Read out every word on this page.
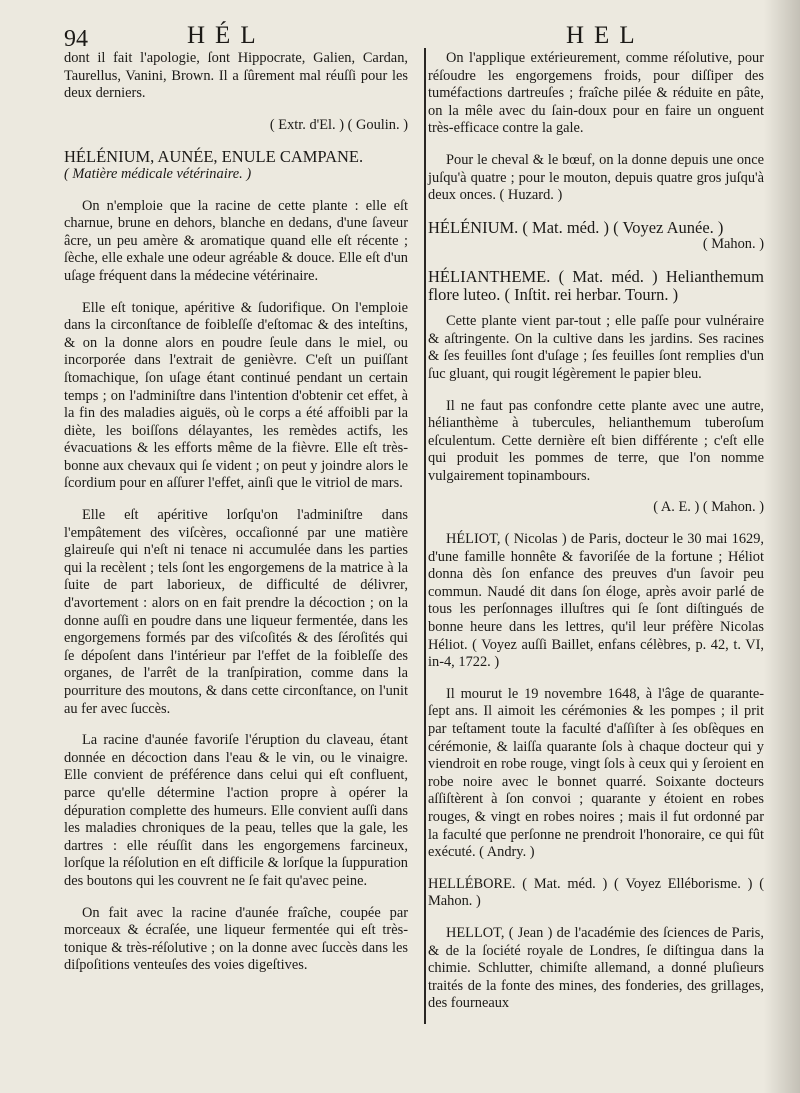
94	HÉL	HEL

dont il fait l'apologie, ſont Hippocrate, Galien, Cardan, Taurellus, Vanini, Brown. Il a ſûrement mal réuſſi pour les deux derniers.

( Extr. d'El. ) ( Goulin. )

HÉLÉNIUM, AUNÉE, ENULE CAMPANE.

( Matière médicale vétérinaire. )

On n'emploie que la racine de cette plante : elle eſt charnue, brune en dehors, blanche en dedans, d'une ſaveur âcre, un peu amère & aromatique quand elle eſt récente ; ſèche, elle exhale une odeur agréable & douce. Elle eſt d'un uſage fréquent dans la médecine vétérinaire.

Elle eſt tonique, apéritive & ſudorifique. On l'emploie dans la circonſtance de foibleſſe d'eſtomac & des inteſtins, & on la donne alors en poudre ſeule dans le miel, ou incorporée dans l'extrait de genièvre. C'eſt un puiſſant ſtomachique, ſon uſage étant continué pendant un certain temps ; on l'adminiſtre dans l'intention d'obtenir cet effet, à la fin des maladies aiguës, où le corps a été affoibli par la diète, les boiſſons délayantes, les remèdes actifs, les évacuations & les efforts même de la fièvre. Elle eſt très-bonne aux chevaux qui ſe vident ; on peut y joindre alors le ſcordium pour en aſſurer l'effet, ainſi que le vitriol de mars.

Elle eſt apéritive lorſqu'on l'adminiſtre dans l'empâtement des viſcères, occaſionné par une matière glaireuſe qui n'eſt ni tenace ni accumulée dans les parties qui la recèlent ; tels ſont les engorgemens de la matrice à la ſuite de part laborieux, de difficulté de délivrer, d'avortement : alors on en fait prendre la décoction ; on la donne auſſi en poudre dans une liqueur fermentée, dans les engorgemens formés par des viſcoſités & des ſéroſités qui ſe dépoſent dans l'intérieur par l'effet de la foibleſſe des organes, de l'arrêt de la tranſpiration, comme dans la pourriture des moutons, & dans cette circonſtance, on l'unit au fer avec ſuccès.

La racine d'aunée favoriſe l'éruption du claveau, étant donnée en décoction dans l'eau & le vin, ou le vinaigre. Elle convient de préférence dans celui qui eſt confluent, parce qu'elle détermine l'action propre à opérer la dépuration complette des humeurs. Elle convient auſſi dans les maladies chroniques de la peau, telles que la gale, les dartres : elle réuſſit dans les engorgemens farcineux, lorſque la réſolution en eſt difficile & lorſque la ſuppuration des boutons qui les couvrent ne ſe fait qu'avec peine.

On fait avec la racine d'aunée fraîche, coupée par morceaux & écraſée, une liqueur fermentée qui eſt très-tonique & très-réſolutive ; on la donne avec ſuccès dans les diſpoſitions venteuſes des voies digeſtives.

On l'applique extérieurement, comme réſolutive, pour réſoudre les engorgemens froids, pour diſſiper des tuméfactions dartreuſes ; fraîche pilée & réduite en pâte, on la mêle avec du ſain-doux pour en faire un onguent très-efficace contre la gale.

Pour le cheval & le bœuf, on la donne depuis une once juſqu'à quatre ; pour le mouton, depuis quatre gros juſqu'à deux onces. ( Huzard. )

HÉLÉNIUM. ( Mat. méd. ) ( Voyez Aunée. )

( Mahon. )

HÉLIANTHEME. ( Mat. méd. ) Helianthemum flore luteo. ( Inſtit. rei herbar. Tourn. )

Cette plante vient par-tout ; elle paſſe pour vulnéraire & aſtringente. On la cultive dans les jardins. Ses racines & ſes feuilles ſont d'uſage ; ſes feuilles ſont remplies d'un ſuc gluant, qui rougit légèrement le papier bleu.

Il ne faut pas confondre cette plante avec une autre, hélianthème à tubercules, helianthemum tuberoſum eſculentum. Cette dernière eſt bien différente ; c'eſt elle qui produit les pommes de terre, que l'on nomme vulgairement topinambours.

( A. E. ) ( Mahon. )

HÉLIOT, ( Nicolas ) de Paris, docteur le 30 mai 1629, d'une famille honnête & favoriſée de la fortune ; Héliot donna dès ſon enfance des preuves d'un ſavoir peu commun. Naudé dit dans ſon éloge, après avoir parlé de tous les perſonnages illuſtres qui ſe ſont diſtingués de bonne heure dans les lettres, qu'il leur préfère Nicolas Héliot. ( Voyez auſſi Baillet, enfans célèbres, p. 42, t. VI, in-4, 1722. )

Il mourut le 19 novembre 1648, à l'âge de quarante-ſept ans. Il aimoit les cérémonies & les pompes ; il prit par teſtament toute la faculté d'aſſiſter à ſes obſèques en cérémonie, & laiſſa quarante ſols à chaque docteur qui y viendroit en robe rouge, vingt ſols à ceux qui y ſeroient en robe noire avec le bonnet quarré. Soixante docteurs aſſiſtèrent à ſon convoi ; quarante y étoient en robes rouges, & vingt en robes noires ; mais il fut ordonné par la faculté que perſonne ne prendroit l'honoraire, ce qui fût exécuté. ( Andry. )

HELLÉBORE. ( Mat. méd. ) ( Voyez Elléborisme. ) ( Mahon. )

HELLOT, ( Jean ) de l'académie des ſciences de Paris, & de la ſociété royale de Londres, ſe diſtingua dans la chimie. Schlutter, chimiſte allemand, a donné pluſieurs traités de la fonte des mines, des fonderies, des grillages, des fourneaux
